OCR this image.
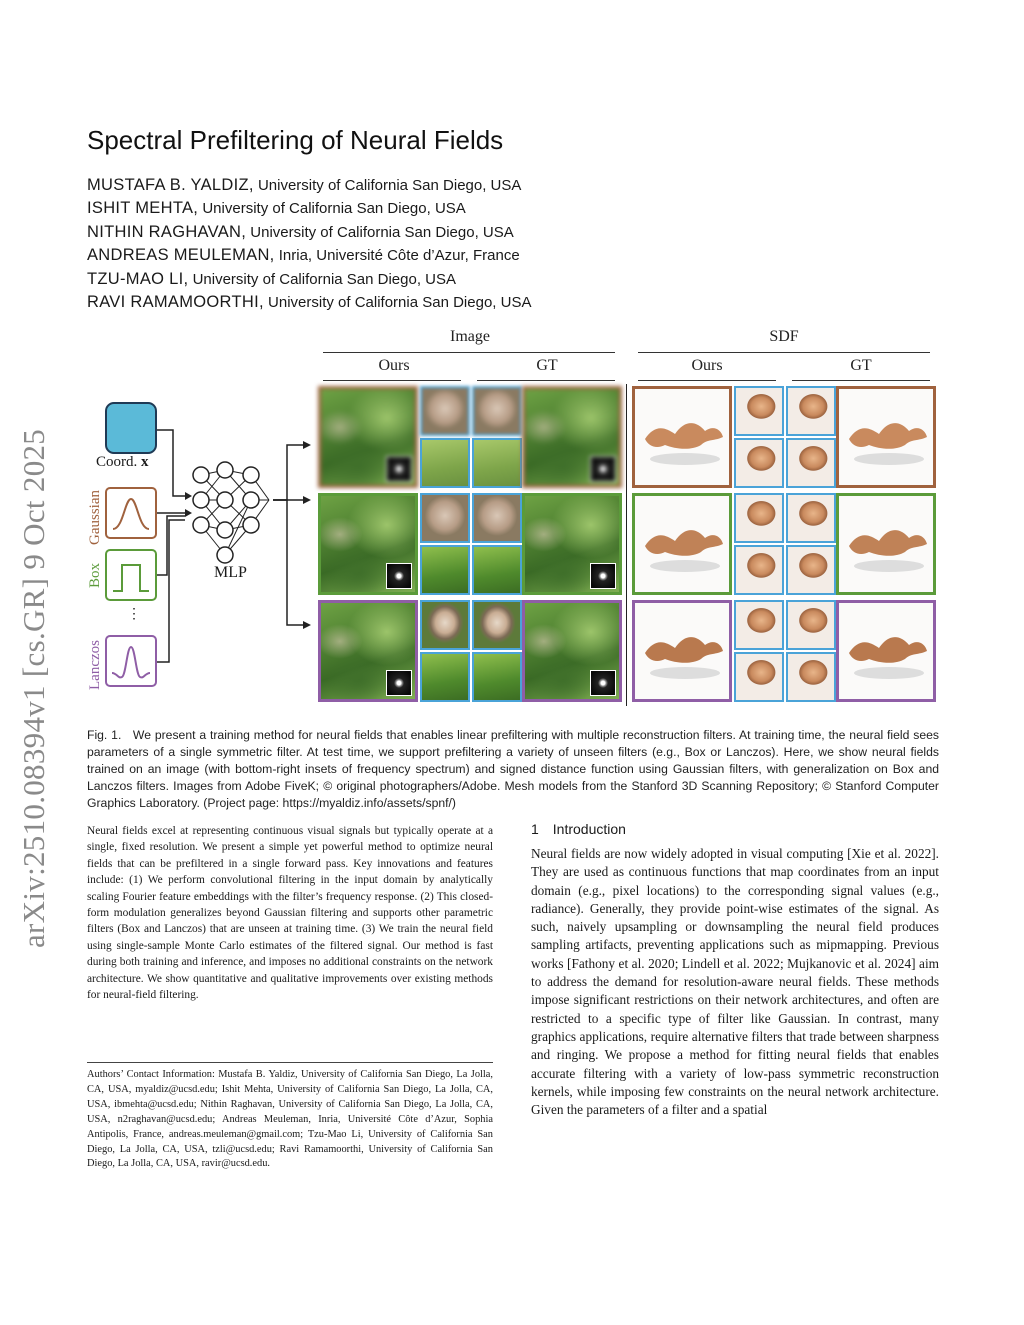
arXiv:2510.08394v1 [cs.GR] 9 Oct 2025
Spectral Prefiltering of Neural Fields
MUSTAFA B. YALDIZ, University of California San Diego, USA
ISHIT MEHTA, University of California San Diego, USA
NITHIN RAGHAVAN, University of California San Diego, USA
ANDREAS MEULEMAN, Inria, Université Côte d’Azur, France
TZU-MAO LI, University of California San Diego, USA
RAVI RAMAMOORTHI, University of California San Diego, USA
Image	SDF
Ours	GT	Ours	GT
Coord. x
⋮
Gaussian
Box
Lanczos
MLP
Fig. 1. We present a training method for neural fields that enables linear prefiltering with multiple reconstruction filters. At training time, the neural field sees parameters of a single symmetric filter. At test time, we support prefiltering a variety of unseen filters (e.g., Box or Lanczos). Here, we show neural fields trained on an image (with bottom-right insets of frequency spectrum) and signed distance function using Gaussian filters, with generalization on Box and Lanczos filters. Images from Adobe FiveK; © original photographers/Adobe. Mesh models from the Stanford 3D Scanning Repository; © Stanford Computer Graphics Laboratory. (Project page: https://myaldiz.info/assets/spnf/)
Neural fields excel at representing continuous visual signals but typically operate at a single, fixed resolution. We present a simple yet powerful method to optimize neural fields that can be prefiltered in a single forward pass. Key innovations and features include: (1) We perform convolutional filtering in the input domain by analytically scaling Fourier feature embeddings with the filter’s frequency response. (2) This closed-form modulation generalizes beyond Gaussian filtering and supports other parametric filters (Box and Lanczos) that are unseen at training time. (3) We train the neural field using single-sample Monte Carlo estimates of the filtered signal. Our method is fast during both training and inference, and imposes no additional constraints on the network architecture. We show quantitative and qualitative improvements over existing methods for neural-field filtering.
Authors’ Contact Information: Mustafa B. Yaldiz, University of California San Diego, La Jolla, CA, USA, myaldiz@ucsd.edu; Ishit Mehta, University of California San Diego, La Jolla, CA, USA, ibmehta@ucsd.edu; Nithin Raghavan, University of California San Diego, La Jolla, CA, USA, n2raghavan@ucsd.edu; Andreas Meuleman, Inria, Université Côte d’Azur, Sophia Antipolis, France, andreas.meuleman@gmail.com; Tzu-Mao Li, University of California San Diego, La Jolla, CA, USA, tzli@ucsd.edu; Ravi Ramamoorthi, University of California San Diego, La Jolla, CA, USA, ravir@ucsd.edu.
1 Introduction
Neural fields are now widely adopted in visual computing [Xie et al. 2022]. They are used as continuous functions that map coordinates from an input domain (e.g., pixel locations) to the corresponding signal values (e.g., radiance). Generally, they provide point-wise estimates of the signal. As such, naively upsampling or downsampling the neural field produces sampling artifacts, preventing applications such as mipmapping. Previous works [Fathony et al. 2020; Lindell et al. 2022; Mujkanovic et al. 2024] aim to address the demand for resolution-aware neural fields. These methods impose significant restrictions on their network architectures, and often are restricted to a specific type of filter like Gaussian. In contrast, many graphics applications, require alternative filters that trade between sharpness and ringing. We propose a method for fitting neural fields that enables accurate filtering with a variety of low-pass symmetric reconstruction kernels, while imposing few constraints on the neural network architecture. Given the parameters of a filter and a spatial
